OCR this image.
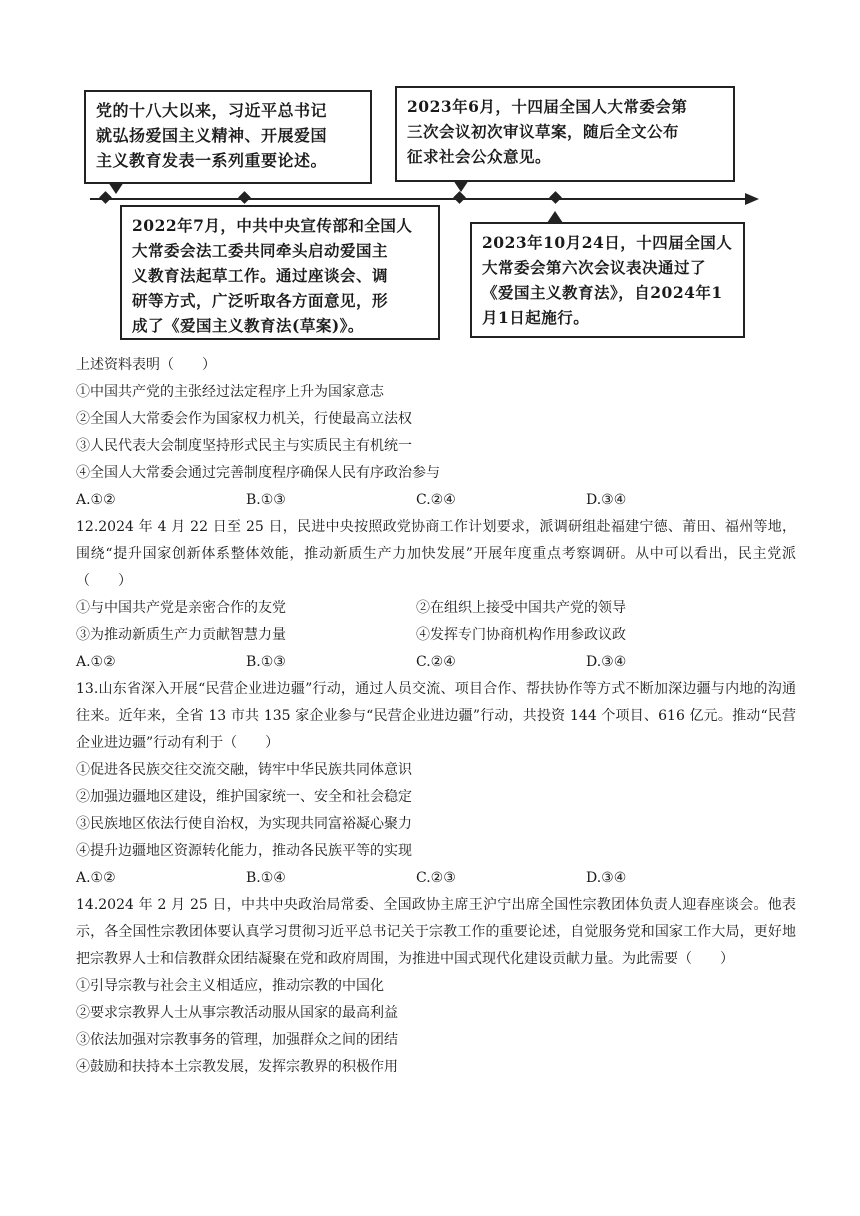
党的十八大以来，习近平总书记

就弘扬爱国主义精神、开展爱国

主义教育发表一系列重要论述。

2022年7月，中共中央宣传部和全国人

大常委会法工委共同牵头启动爱国主

义教育法起草工作。通过座谈会、调

研等方式，广泛听取各方面意见，形

成了《爱国主义教育法(草案)》。

2023年6月，十四届全国人大常委会第

三次会议初次审议草案，随后全文公布

征求社会公众意见。

2023年10月24日，十四届全国人

大常委会第六次会议表决通过了

《爱国主义教育法》，自2024年1

月1日起施行。

上述资料表明（　　）
①中国共产党的主张经过法定程序上升为国家意志
②全国人大常委会作为国家权力机关，行使最高立法权
③人民代表大会制度坚持形式民主与实质民主有机统一
④全国人大常委会通过完善制度程序确保人民有序政治参与
A.①②	B.①③	C.②④	D.③④
12.2024 年 4 月 22 日至 25 日，民进中央按照政党协商工作计划要求，派调研组赴福建宁德、莆田、福州等地，围绕“提升国家创新体系整体效能，推动新质生产力加快发展”开展年度重点考察调研。从中可以看出，民主党派（　　）
①与中国共产党是亲密合作的友党	②在组织上接受中国共产党的领导
③为推动新质生产力贡献智慧力量	④发挥专门协商机构作用参政议政
A.①②	B.①③	C.②④	D.③④
13.山东省深入开展“民营企业进边疆”行动，通过人员交流、项目合作、帮扶协作等方式不断加深边疆与内地的沟通往来。近年来，全省 13 市共 135 家企业参与“民营企业进边疆”行动，共投资 144 个项目、616 亿元。推动“民营企业进边疆”行动有利于（　　）
①促进各民族交往交流交融，铸牢中华民族共同体意识
②加强边疆地区建设，维护国家统一、安全和社会稳定
③民族地区依法行使自治权，为实现共同富裕凝心聚力
④提升边疆地区资源转化能力，推动各民族平等的实现
A.①②	B.①④	C.②③	D.③④
14.2024 年 2 月 25 日，中共中央政治局常委、全国政协主席王沪宁出席全国性宗教团体负责人迎春座谈会。他表示，各全国性宗教团体要认真学习贯彻习近平总书记关于宗教工作的重要论述，自觉服务党和国家工作大局，更好地把宗教界人士和信教群众团结凝聚在党和政府周围，为推进中国式现代化建设贡献力量。为此需要（　　）
①引导宗教与社会主义相适应，推动宗教的中国化
②要求宗教界人士从事宗教活动服从国家的最高利益
③依法加强对宗教事务的管理，加强群众之间的团结
④鼓励和扶持本土宗教发展，发挥宗教界的积极作用
